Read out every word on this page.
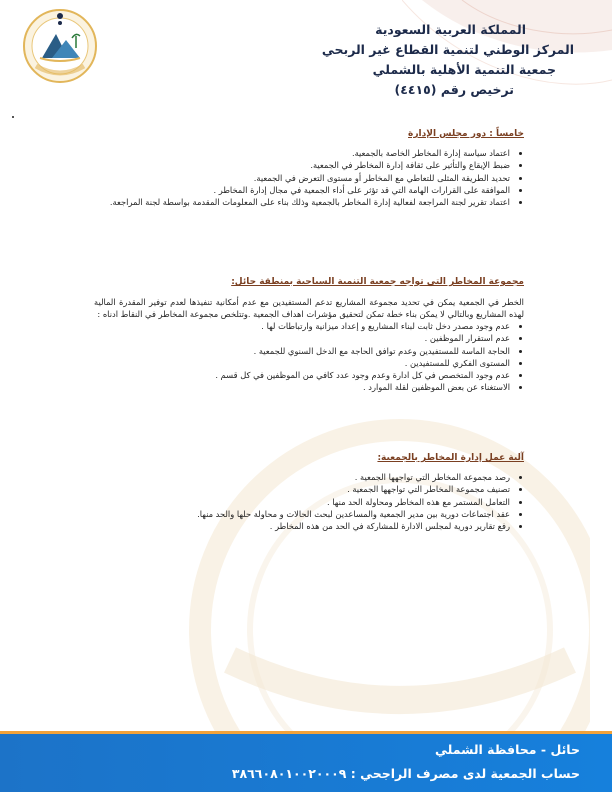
المملكة العربية السعودية
المركز الوطني لتنمية القطاع غير الربحي
جمعية التنمية الأهلية بالشملي
ترخيص رقم (٤٤١٥)
خامساً : دور مجلس الإدارة
• اعتماد سياسة إدارة المخاطر الخاصة بالجمعية.
• ضبط الإيقاع والتأثير على ثقافة إدارة المخاطر في الجمعية.
• تحديد الطريقة المثلى للتعاطي مع المخاطر أو مستوى التعرض في الجمعية.
• الموافقة على القرارات الهامة التي قد تؤثر على أداء الجمعية في مجال إدارة المخاطر .
• اعتماد تقرير لجنة المراجعة لفعالية إدارة المخاطر بالجمعية وذلك بناء على المعلومات المقدمة بواسطة لجنة المراجعة.
مجموعة المخاطر التي تواجه جمعية التنمية السياحية بمنطقة حائل:
الخطر في الجمعية يمكن في تحديد مجموعة المشاريع تدعم المستفيدين مع عدم أمكانية تنفيذها لعدم توفير المقدرة المالية لهذه المشاريع وبالتالي لا يمكن بناء خطة تمكن لتحقيق مؤشرات اهداف الجمعية .وتتلخص مجموعة المخاطر في النقاط ادناه :
• عدم وجود مصدر دخل ثابت لبناء المشاريع و إعداد ميزانية وارتباطات لها .
• عدم استقرار الموظفين .
• الحاجة الماسة للمستفيدين وعدم توافق الحاجة مع الدخل السنوي للجمعية .
• المستوى الفكري للمستفيدين .
• عدم وجود المتخصص في كل ادارة وعدم وجود عدد كافي من الموظفين في كل قسم .
• الاستغناء عن بعض الموظفين لقلة الموارد .
آلية عمل إدارة المخاطر بالجمعية:
• رصد مجموعة المخاطر التي تواجهها الجمعية .
• تصنيف مجموعة المخاطر التي تواجهها الجمعية .
• التعامل المستمر مع هذه المخاطر ومحاولة الحد منها .
• عقد اجتماعات دورية بين مدير الجمعية والمساعدين لبحث الحالات و محاولة حلها والحد منها.
• رفع تقارير دورية لمجلس الادارة للمشاركة في الحد من هذه المخاطر .
حائل - محافظة الشملي
حساب الجمعية لدى مصرف الراجحي : ٣٨٦٦٠٨٠١٠٠٢٠٠٠٩
